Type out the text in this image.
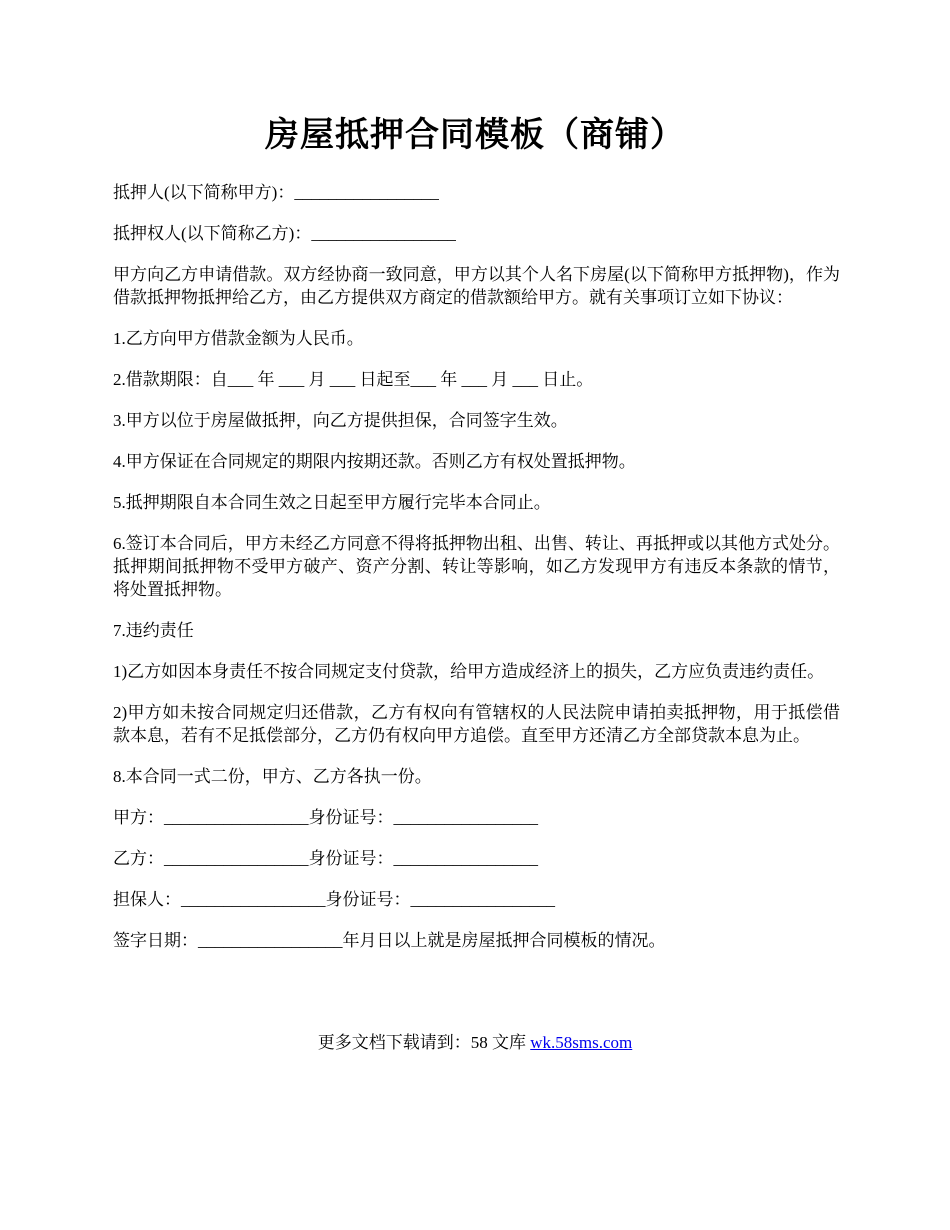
房屋抵押合同模板（商铺）

抵押人(以下简称甲方)：_________________

抵押权人(以下简称乙方)：_________________

甲方向乙方申请借款。双方经协商一致同意，甲方以其个人名下房屋(以下简称甲方抵押物)，作为借款抵押物抵押给乙方，由乙方提供双方商定的借款额给甲方。就有关事项订立如下协议：

1.乙方向甲方借款金额为人民币。

2.借款期限：自___ 年 ___ 月 ___ 日起至___ 年 ___ 月 ___ 日止。

3.甲方以位于房屋做抵押，向乙方提供担保，合同签字生效。

4.甲方保证在合同规定的期限内按期还款。否则乙方有权处置抵押物。

5.抵押期限自本合同生效之日起至甲方履行完毕本合同止。

6.签订本合同后，甲方未经乙方同意不得将抵押物出租、出售、转让、再抵押或以其他方式处分。抵押期间抵押物不受甲方破产、资产分割、转让等影响，如乙方发现甲方有违反本条款的情节，将处置抵押物。

7.违约责任

1)乙方如因本身责任不按合同规定支付贷款，给甲方造成经济上的损失，乙方应负责违约责任。

2)甲方如未按合同规定归还借款，乙方有权向有管辖权的人民法院申请拍卖抵押物，用于抵偿借款本息，若有不足抵偿部分，乙方仍有权向甲方追偿。直至甲方还清乙方全部贷款本息为止。

8.本合同一式二份，甲方、乙方各执一份。

甲方：_________________身份证号：_________________

乙方：_________________身份证号：_________________

担保人：_________________身份证号：_________________

签字日期：_________________年月日以上就是房屋抵押合同模板的情况。

更多文档下载请到：58 文库 wk.58sms.com
